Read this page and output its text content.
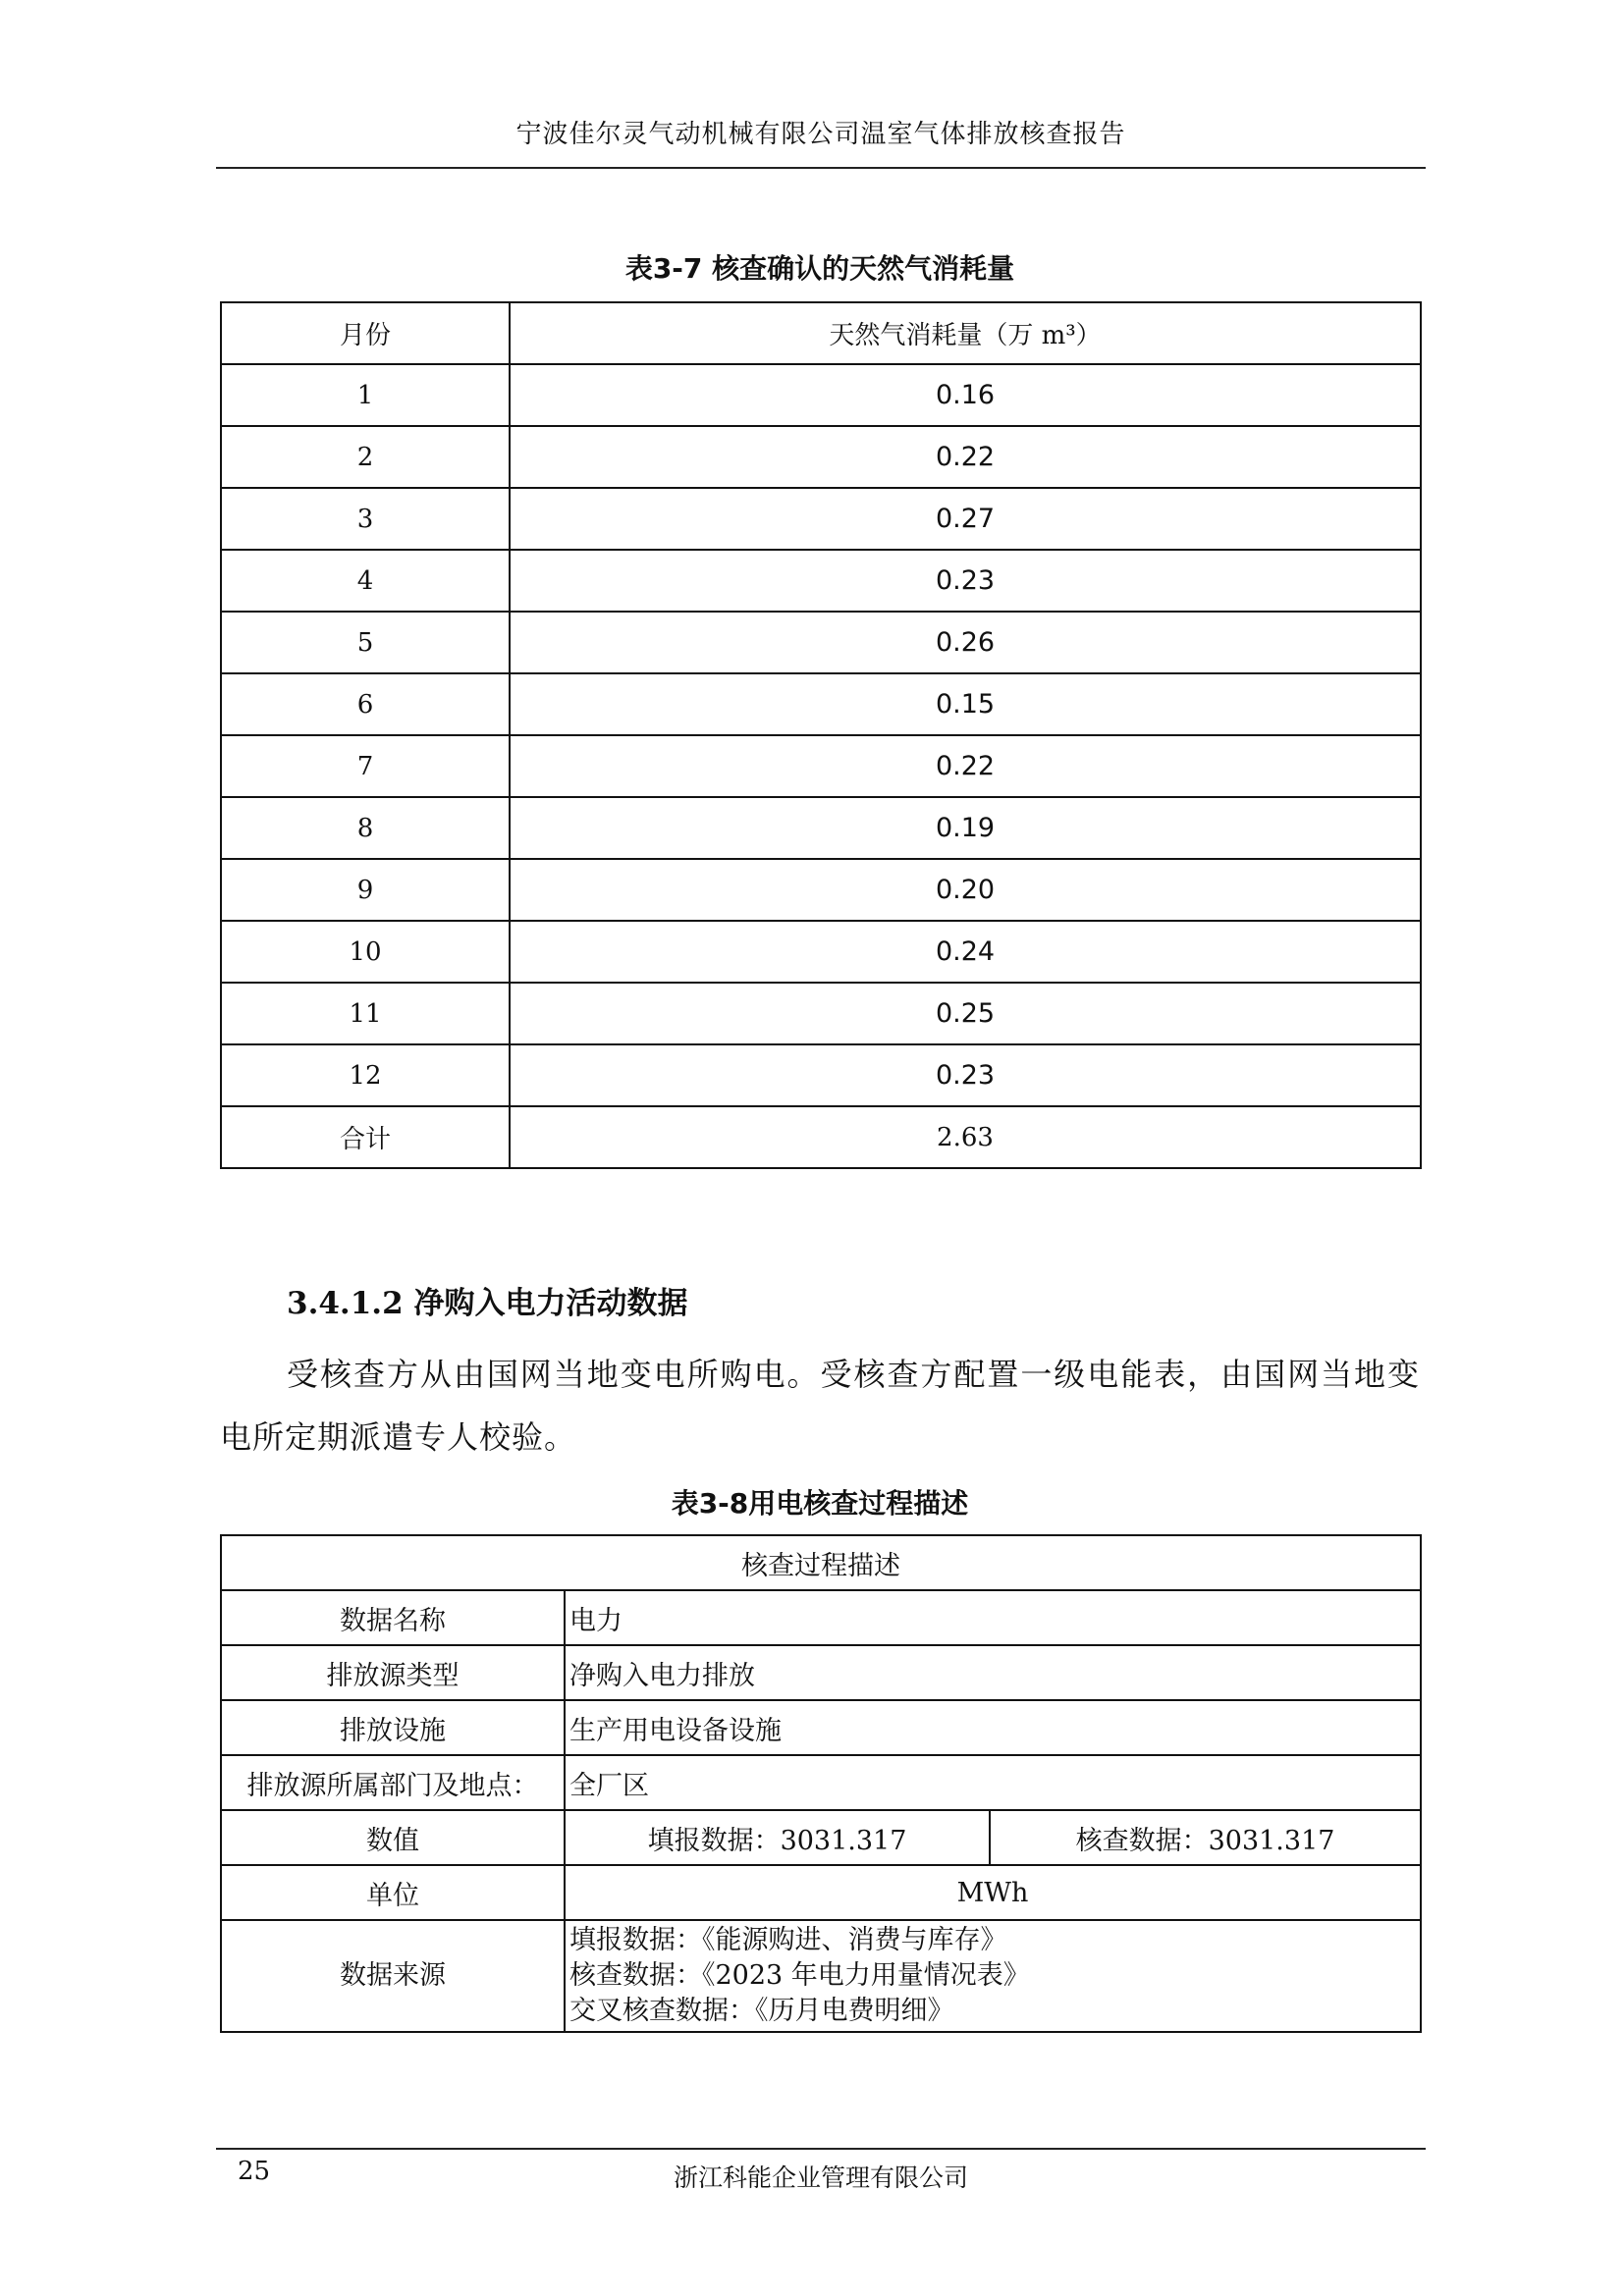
宁波佳尔灵气动机械有限公司温室气体排放核查报告
表3-7 核查确认的天然气消耗量
月份	天然气消耗量（万 m³）
1	0.16
2	0.22
3	0.27
4	0.23
5	0.26
6	0.15
7	0.22
8	0.19
9	0.20
10	0.24
11	0.25
12	0.23
合计	2.63
3.4.1.2 净购入电力活动数据
受核查方从由国网当地变电所购电。受核查方配置一级电能表，由国网当地变电所定期派遣专人校验。
表3-8用电核查过程描述
核查过程描述		
数据名称	电力	
排放源类型	净购入电力排放	
排放设施	生产用电设备设施	
排放源所属部门及地点：	全厂区	
数值	填报数据：3031.317	核查数据：3031.317
单位	MWh	
数据来源	填报数据：《能源购进、消费与库存》
核查数据：《2023 年电力用量情况表》
交叉核查数据：《历月电费明细》	
25	浙江科能企业管理有限公司
